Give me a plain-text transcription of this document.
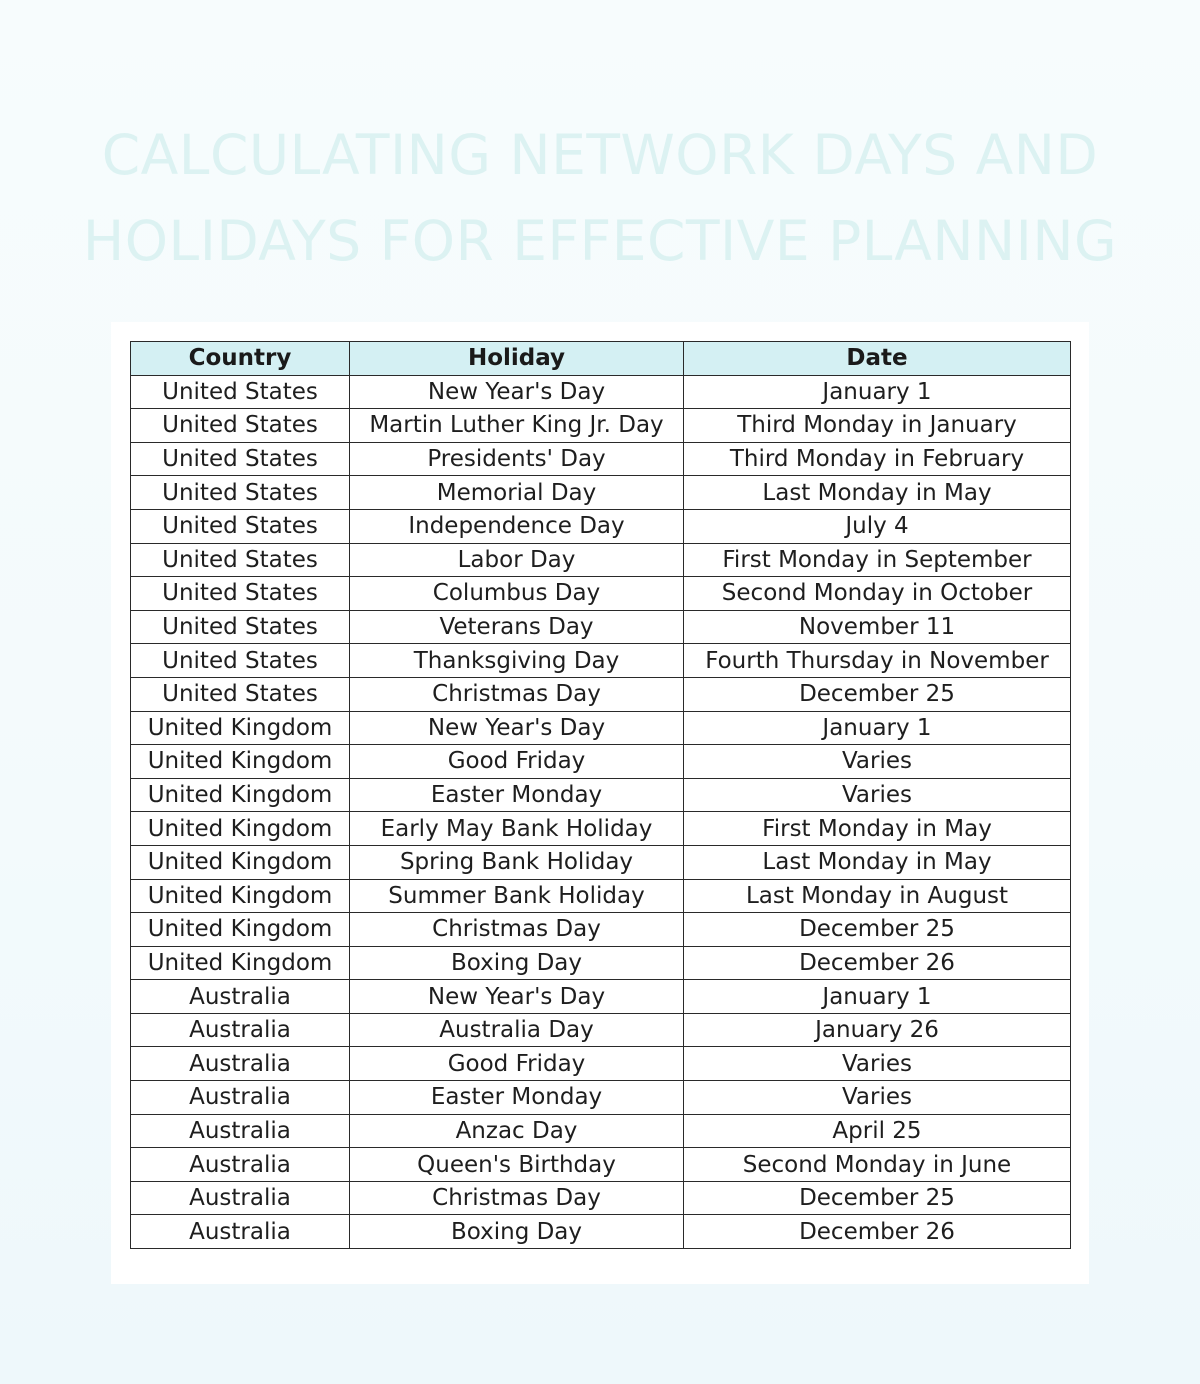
CALCULATING NETWORK DAYS AND
HOLIDAYS FOR EFFECTIVE PLANNING
Country	Holiday	Date
United States	New Year's Day	January 1
United States	Martin Luther King Jr. Day	Third Monday in January
United States	Presidents' Day	Third Monday in February
United States	Memorial Day	Last Monday in May
United States	Independence Day	July 4
United States	Labor Day	First Monday in September
United States	Columbus Day	Second Monday in October
United States	Veterans Day	November 11
United States	Thanksgiving Day	Fourth Thursday in November
United States	Christmas Day	December 25
United Kingdom	New Year's Day	January 1
United Kingdom	Good Friday	Varies
United Kingdom	Easter Monday	Varies
United Kingdom	Early May Bank Holiday	First Monday in May
United Kingdom	Spring Bank Holiday	Last Monday in May
United Kingdom	Summer Bank Holiday	Last Monday in August
United Kingdom	Christmas Day	December 25
United Kingdom	Boxing Day	December 26
Australia	New Year's Day	January 1
Australia	Australia Day	January 26
Australia	Good Friday	Varies
Australia	Easter Monday	Varies
Australia	Anzac Day	April 25
Australia	Queen's Birthday	Second Monday in June
Australia	Christmas Day	December 25
Australia	Boxing Day	December 26
